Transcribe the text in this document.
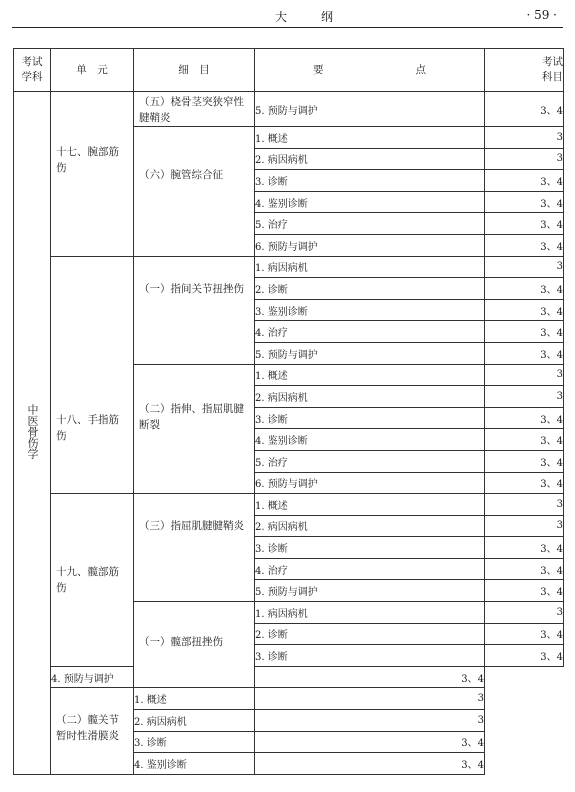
大	纲	· 59 ·
考试
学科	单　元	细　目	要 点	考试
科目

中医骨伤学	十七、腕部筋伤	（五）桡骨茎突狭窄性腱鞘炎	5. 预防与调护	3、4

		（六）腕管综合征	1. 概述	3
			2. 病因病机	3
			3. 诊断	3、4
			4. 鉴别诊断	3、4
			5. 治疗	3、4
			6. 预防与调护	3、4

	十八、手指筋伤	（一）指间关节扭挫伤	1. 病因病机	3
			2. 诊断	3、4
			3. 鉴别诊断	3、4
			4. 治疗	3、4
			5. 预防与调护	3、4

		（二）指伸、指屈肌腱断裂	1. 概述	3
			2. 病因病机	3
			3. 诊断	3、4
			4. 鉴别诊断	3、4
			5. 治疗	3、4
			6. 预防与调护	3、4

	十九、髋部筋伤	（三）指屈肌腱腱鞘炎	1. 概述	3
			2. 病因病机	3
			3. 诊断	3、4
			4. 治疗	3、4
			5. 预防与调护	3、4

		（一）髋部扭挫伤	1. 病因病机	3
			2. 诊断	3、4
			3. 诊断	3、4
	4. 预防与调护		3、4	

	（二）髋关节暂时性滑膜炎	1. 概述	3	
		2. 病因病机	3	
		3. 诊断	3、4	
		4. 鉴别诊断	3、4	
